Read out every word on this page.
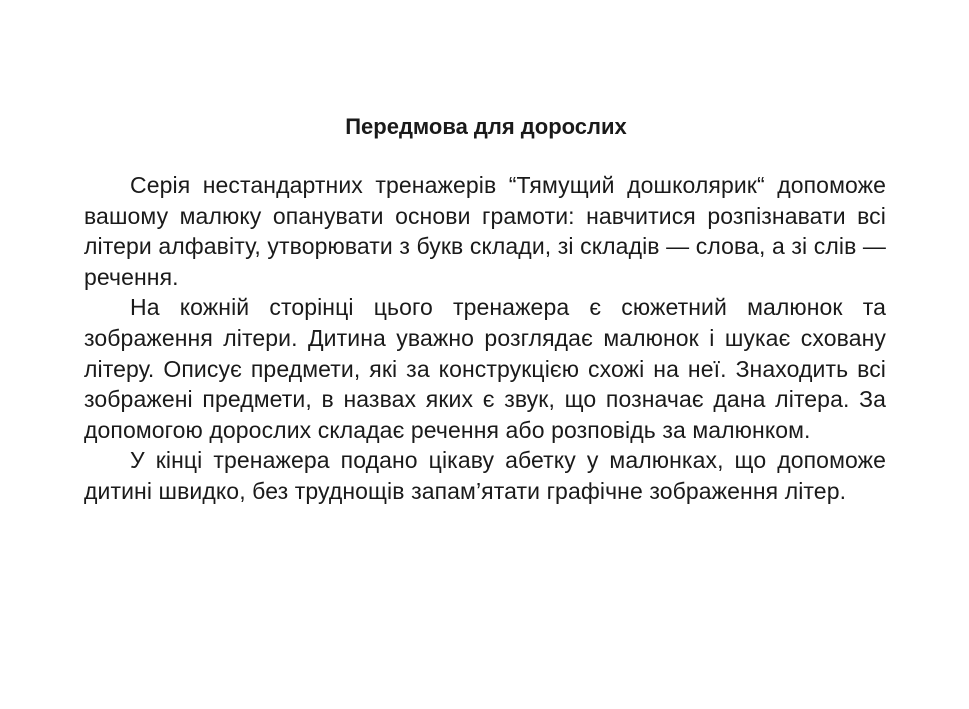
Передмова для дорослих

Серія нестандартних тренажерів “Тямущий дошколярик“ допоможе вашому малюку опанувати основи грамоти: навчитися розпізнавати всі літери алфавіту, утворювати з букв склади, зі складів — слова, а зі слів — речення.

На кожній сторінці цього тренажера є сюжетний малюнок та зображення літери. Дитина уважно розглядає малюнок і шукає сховану літеру. Описує предмети, які за конструкцією схожі на неї. Знаходить всі зображені предмети, в назвах яких є звук, що позначає дана літера. За допомогою дорослих складає речення або розповідь за малюнком.

У кінці тренажера подано цікаву абетку у малюнках, що допоможе дитині швидко, без труднощів запам’ятати графічне зображення літер.
